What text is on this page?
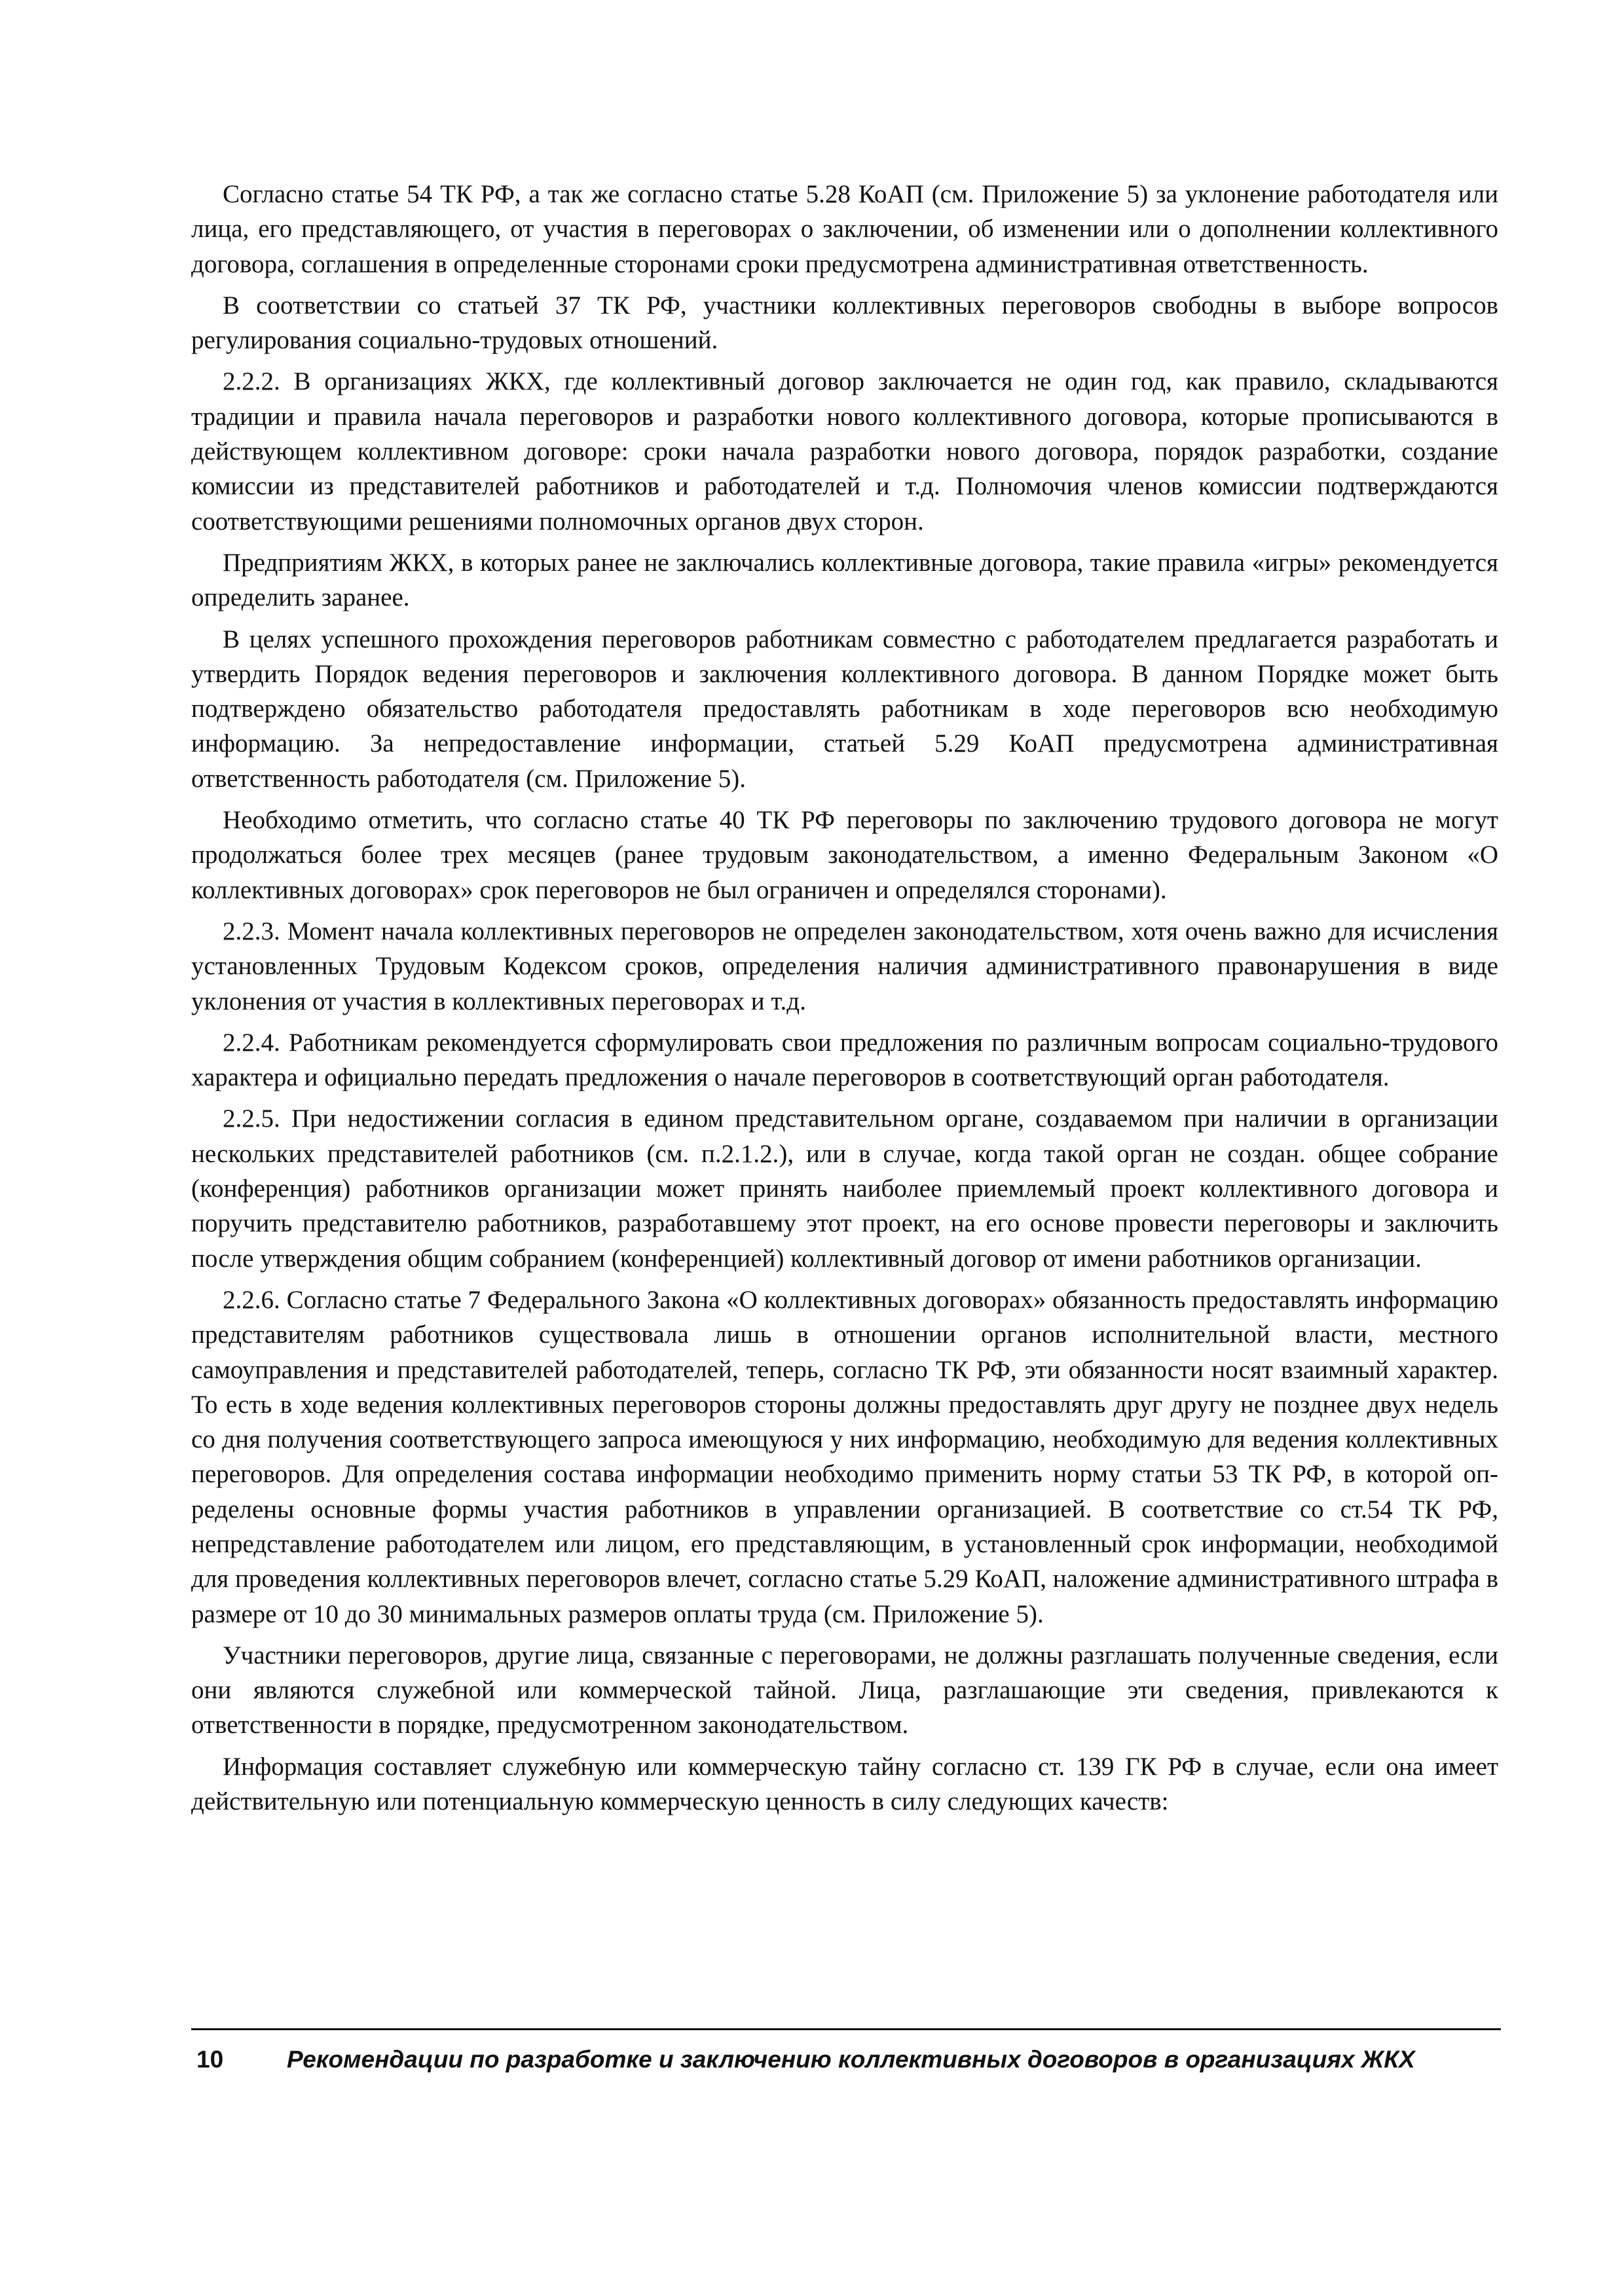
Согласно статье 54 ТК РФ, а так же согласно статье 5.28 КоАП (см. Приложение 5) за уклонение работодателя или лица, его представляющего, от участия в переговорах о заключении, об изменении или о дополнении коллективного договора, соглашения в определенные сторонами сроки предусмотрена административная ответственность.

В соответствии со статьей 37 ТК РФ, участники коллективных переговоров свободны в выборе вопросов регулирования социально-трудовых отношений.

2.2.2. В организациях ЖКХ, где коллективный договор заключается не один год, как правило, складываются традиции и правила начала переговоров и разработки нового коллективного договора, которые прописываются в действующем коллективном договоре: сроки начала разработки нового договора, порядок разработки, создание комиссии из представителей работников и работодателей и т.д. Полномочия членов комиссии подтверждаются соответствующими решениями полномочных органов двух сторон.

Предприятиям ЖКХ, в которых ранее не заключались коллективные договора, такие правила «игры» рекомендуется определить заранее.

В целях успешного прохождения переговоров работникам совместно с работодателем предлагается разработать и утвердить Порядок ведения переговоров и заключения коллективного договора. В данном Порядке может быть подтверждено обязательство работодателя предоставлять работникам в ходе переговоров всю необходимую информацию. За непредоставление информации, статьей 5.29 КоАП предусмотрена административная ответственность работодателя (см. Приложение 5).

Необходимо отметить, что согласно статье 40 ТК РФ переговоры по заключению трудового договора не могут продолжаться более трех месяцев (ранее трудовым законодательством, а именно Федеральным Законом «О коллективных договорах» срок переговоров не был ограничен и определялся сторонами).

2.2.3. Момент начала коллективных переговоров не определен законодательством, хотя очень важно для исчисления установленных Трудовым Кодексом сроков, определения наличия административного правонарушения в виде уклонения от участия в коллективных переговорах и т.д.

2.2.4. Работникам рекомендуется сформулировать свои предложения по различным вопросам социально-трудового характера и официально передать предложения о начале переговоров в соответствующий орган работодателя.

2.2.5. При недостижении согласия в едином представительном органе, создаваемом при наличии в организации нескольких представителей работников (см. п.2.1.2.), или в случае, когда такой орган не создан. общее собрание (конференция) работников организации может принять наиболее приемлемый проект коллективного договора и поручить представителю работников, разработавшему этот проект, на его основе провести переговоры и заключить после утверждения общим собранием (конференцией) коллективный договор от имени работников организации.

2.2.6. Согласно статье 7 Федерального Закона «О коллективных договорах» обязанность предоставлять информацию представителям работников существовала лишь в отношении органов исполнительной власти, местного самоуправления и представителей работодателей, теперь, согласно ТК РФ, эти обязанности носят взаимный характер. То есть в ходе ведения коллективных переговоров стороны должны предоставлять друг другу не позднее двух недель со дня получения соответствующего запроса имеющуюся у них информацию, необходимую для ведения коллективных переговоров. Для определения состава информации необходимо применить норму статьи 53 ТК РФ, в которой определены основные формы участия работников в управлении организацией. В соответствие со ст.54 ТК РФ, непредставление работодателем или лицом, его представляющим, в установленный срок информации, необходимой для проведения коллективных переговоров влечет, согласно статье 5.29 КоАП, наложение административного штрафа в размере от 10 до 30 минимальных размеров оплаты труда (см. Приложение 5).

Участники переговоров, другие лица, связанные с переговорами, не должны разглашать полученные сведения, если они являются служебной или коммерческой тайной. Лица, разглашающие эти сведения, привлекаются к ответственности в порядке, предусмотренном законодательством.

Информация составляет служебную или коммерческую тайну согласно ст. 139 ГК РФ в случае, если она имеет действительную или потенциальную коммерческую ценность в силу следующих качеств:

10	Рекомендации по разработке и заключению коллективных договоров в организациях ЖКХ
